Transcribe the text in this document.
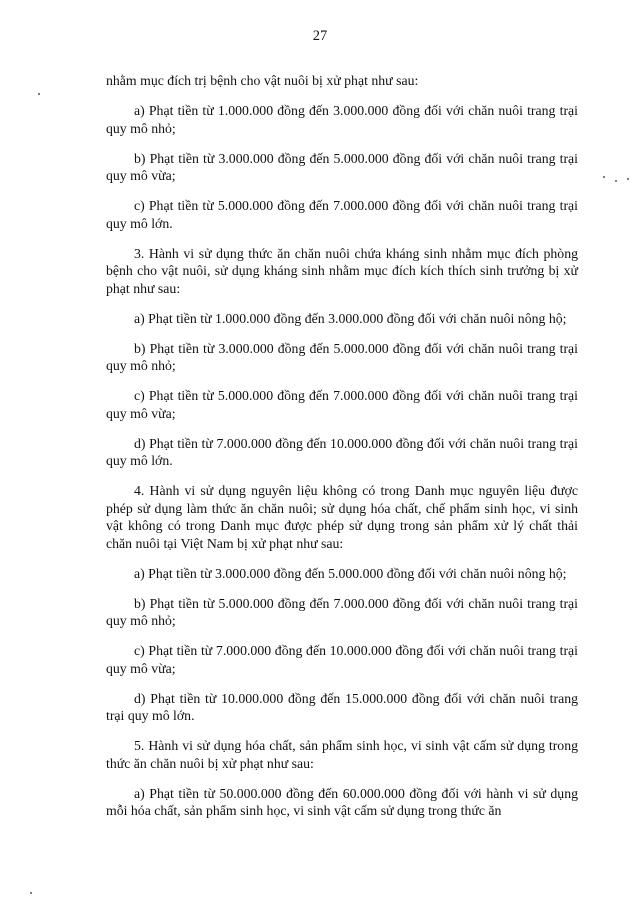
27

nhằm mục đích trị bệnh cho vật nuôi bị xử phạt như sau:

a) Phạt tiền từ 1.000.000 đồng đến 3.000.000 đồng đối với chăn nuôi trang trại quy mô nhỏ;

b) Phạt tiền từ 3.000.000 đồng đến 5.000.000 đồng đối với chăn nuôi trang trại quy mô vừa;

c) Phạt tiền từ 5.000.000 đồng đến 7.000.000 đồng đối với chăn nuôi trang trại quy mô lớn.

3. Hành vi sử dụng thức ăn chăn nuôi chứa kháng sinh nhằm mục đích phòng bệnh cho vật nuôi, sử dụng kháng sinh nhằm mục đích kích thích sinh trưởng bị xử phạt như sau:

a) Phạt tiền từ 1.000.000 đồng đến 3.000.000 đồng đối với chăn nuôi nông hộ;

b) Phạt tiền từ 3.000.000 đồng đến 5.000.000 đồng đối với chăn nuôi trang trại quy mô nhỏ;

c) Phạt tiền từ 5.000.000 đồng đến 7.000.000 đồng đối với chăn nuôi trang trại quy mô vừa;

d) Phạt tiền từ 7.000.000 đồng đến 10.000.000 đồng đối với chăn nuôi trang trại quy mô lớn.

4. Hành vi sử dụng nguyên liệu không có trong Danh mục nguyên liệu được phép sử dụng làm thức ăn chăn nuôi; sử dụng hóa chất, chế phẩm sinh học, vi sinh vật không có trong Danh mục được phép sử dụng trong sản phẩm xử lý chất thải chăn nuôi tại Việt Nam bị xử phạt như sau:

a) Phạt tiền từ 3.000.000 đồng đến 5.000.000 đồng đối với chăn nuôi nông hộ;

b) Phạt tiền từ 5.000.000 đồng đến 7.000.000 đồng đối với chăn nuôi trang trại quy mô nhỏ;

c) Phạt tiền từ 7.000.000 đồng đến 10.000.000 đồng đối với chăn nuôi trang trại quy mô vừa;

d) Phạt tiền từ 10.000.000 đồng đến 15.000.000 đồng đối với chăn nuôi trang trại quy mô lớn.

5. Hành vi sử dụng hóa chất, sản phẩm sinh học, vi sinh vật cấm sử dụng trong thức ăn chăn nuôi bị xử phạt như sau:

a) Phạt tiền từ 50.000.000 đồng đến 60.000.000 đồng đối với hành vi sử dụng mỗi hóa chất, sản phẩm sinh học, vi sinh vật cấm sử dụng trong thức ăn
